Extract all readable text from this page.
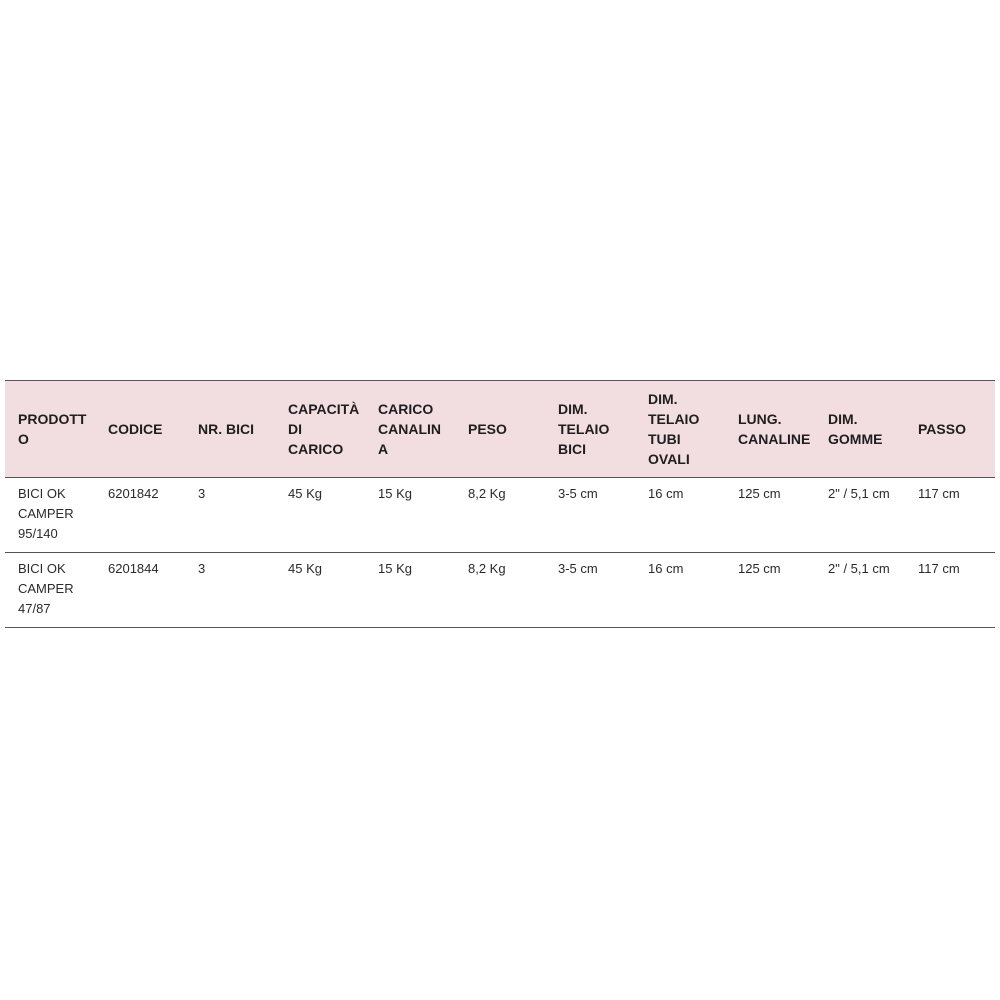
PRODOTTO	CODICE	NR. BICI	CAPACITÀ DI CARICO	CARICO CANALINA	PESO	DIM. TELAIO BICI	DIM. TELAIO TUBI OVALI	LUNG. CANALINE	DIM. GOMME	PASSO
BICI OK CAMPER 95/140	6201842	3	45 Kg	15 Kg	8,2 Kg	3-5 cm	16 cm	125 cm	2" / 5,1 cm	117 cm
BICI OK CAMPER 47/87	6201844	3	45 Kg	15 Kg	8,2 Kg	3-5 cm	16 cm	125 cm	2" / 5,1 cm	117 cm
